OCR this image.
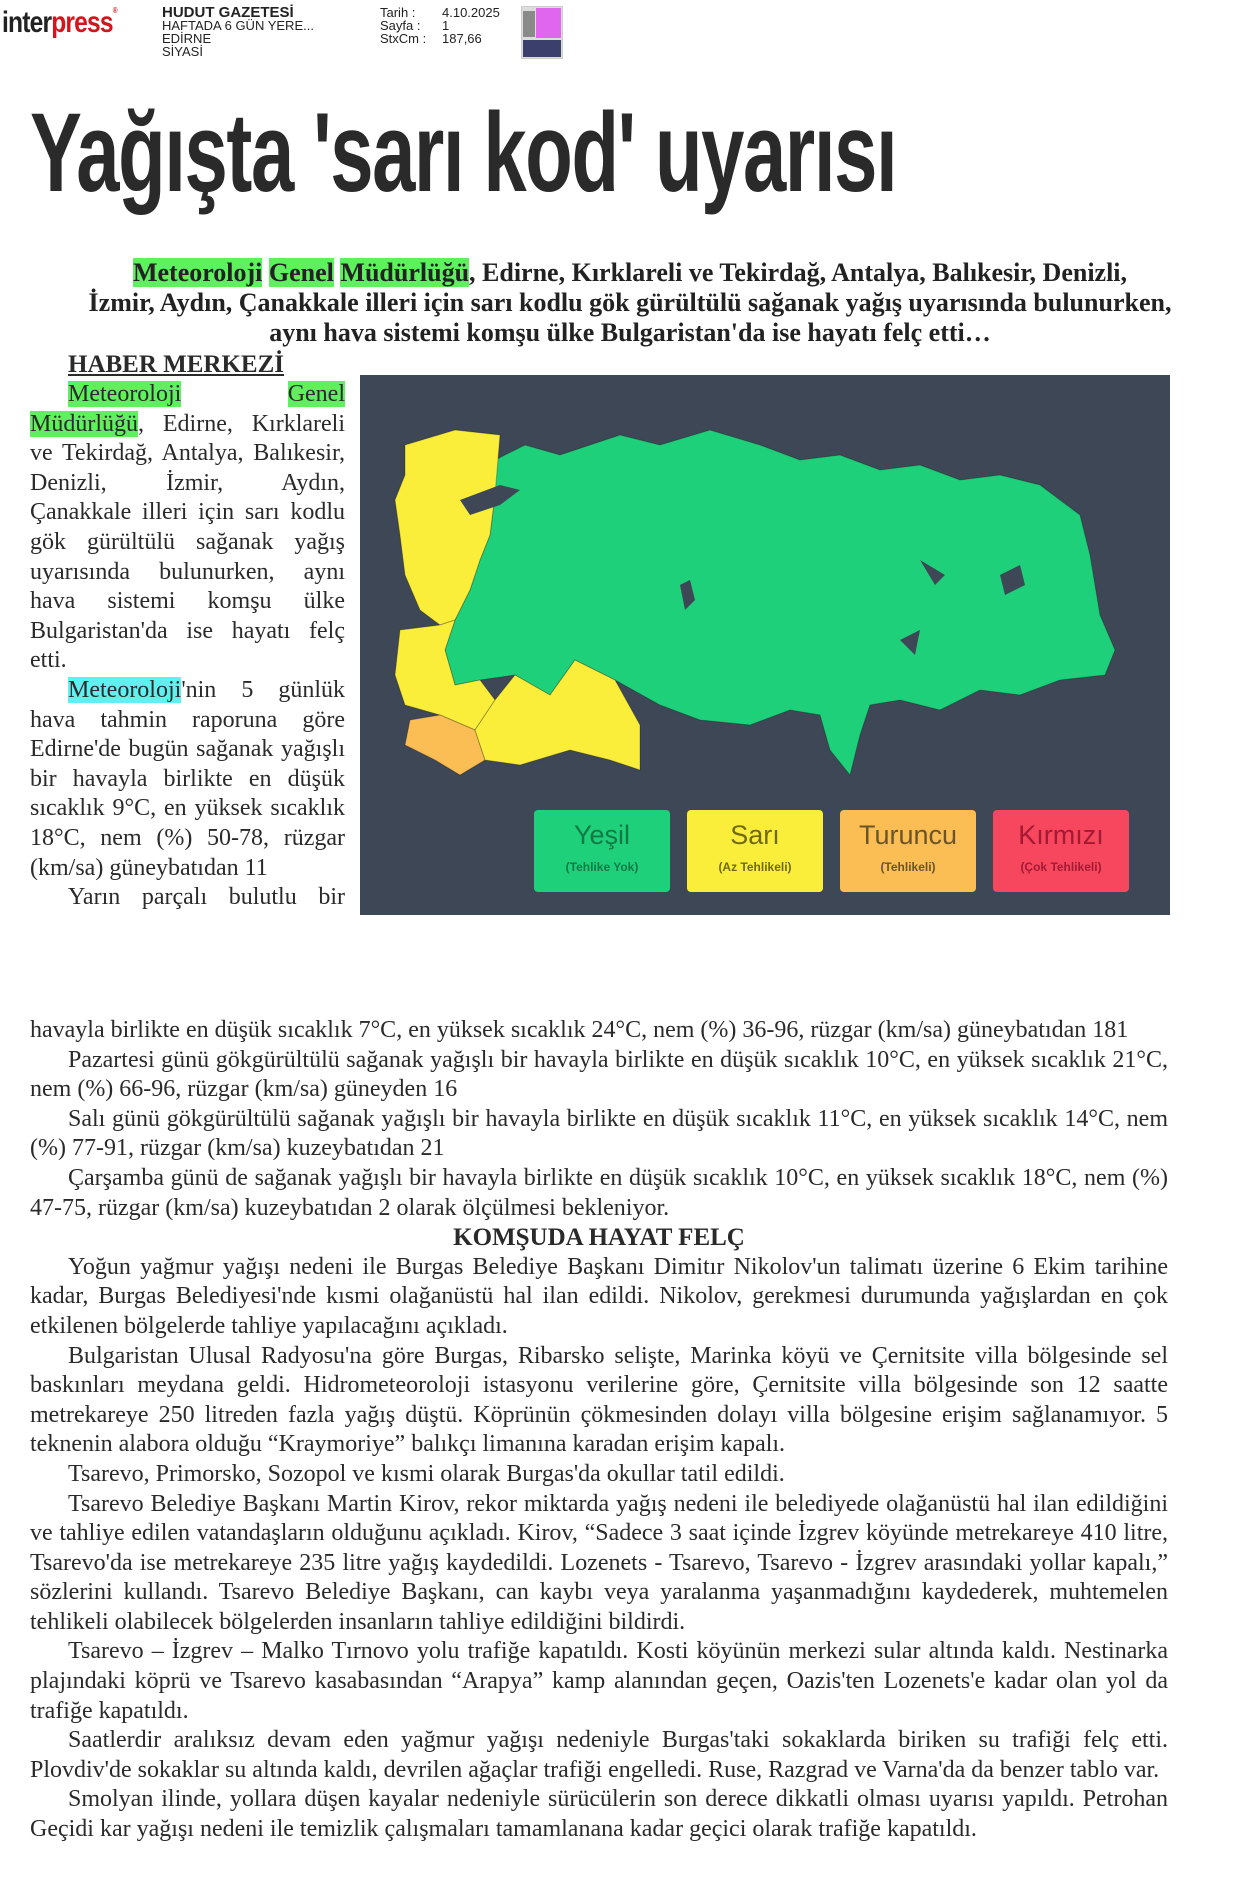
interpress®	HUDUT GAZETESİ
HAFTADA 6 GÜN YERE...
EDİRNE
SİYASİ
Tarih :	4.10.2025
Sayfa :	1
StxCm :	187,66
Yağışta 'sarı kod' uyarısı

Meteoroloji Genel Müdürlüğü, Edirne, Kırklareli ve Tekirdağ, Antalya, Balıkesir, Denizli,

İzmir, Aydın, Çanakkale illeri için sarı kodlu gök gürültülü sağanak yağış uyarısında bulunurken,

aynı hava sistemi komşu ülke Bulgaristan'da ise hayatı felç etti…

HABER MERKEZİ

Meteoroloji	Genel Müdürlüğü, Edirne, Kırklareli ve Tekirdağ, Antalya, Balıkesir, Denizli, İzmir, Aydın, Çanakkale illeri için sarı kodlu gök gürültülü sağanak yağış uyarısında bulunurken, aynı hava sistemi komşu ülke Bulgaristan'da ise hayatı felç etti.

Meteoroloji'nin 5 günlük hava tahmin raporuna göre Edirne'de bugün sağanak yağışlı bir havayla birlikte en düşük sıcaklık 9°C, en yüksek sıcaklık 18°C, nem (%) 50-78, rüzgar (km/sa) güneybatıdan 11

Yarın parçalı bulutlu bir

Yeşil
(Tehlike Yok)
Sarı
(Az Tehlikeli)
Turuncu
(Tehlikeli)
Kırmızı
(Çok Tehlikeli)

havayla birlikte en düşük sıcaklık 7°C, en yüksek sıcaklık 24°C, nem (%) 36-96, rüzgar (km/sa) güneybatıdan 181

Pazartesi günü gökgürültülü sağanak yağışlı bir havayla birlikte en düşük sıcaklık 10°C, en yüksek sıcaklık 21°C, nem (%) 66-96, rüzgar (km/sa) güneyden 16

Salı günü gökgürültülü sağanak yağışlı bir havayla birlikte en düşük sıcaklık 11°C, en yüksek sıcaklık 14°C, nem (%) 77-91, rüzgar (km/sa) kuzeybatıdan 21

Çarşamba günü de sağanak yağışlı bir havayla birlikte en düşük sıcaklık 10°C, en yüksek sıcaklık 18°C, nem (%) 47-75, rüzgar (km/sa) kuzeybatıdan 2 olarak ölçülmesi bekleniyor.

KOMŞUDA HAYAT FELÇ

Yoğun yağmur yağışı nedeni ile Burgas Belediye Başkanı Dimitır Nikolov'un talimatı üzerine 6 Ekim tarihine kadar, Burgas Belediyesi'nde kısmi olağanüstü hal ilan edildi. Nikolov, gerekmesi durumunda yağışlardan en çok etkilenen bölgelerde tahliye yapılacağını açıkladı.

Bulgaristan Ulusal Radyosu'na göre Burgas, Ribarsko selişte, Marinka köyü ve Çernitsite villa bölgesinde sel baskınları meydana geldi. Hidrometeoroloji istasyonu verilerine göre, Çernitsite villa bölgesinde son 12 saatte metrekareye 250 litreden fazla yağış düştü. Köprünün çökmesinden dolayı villa bölgesine erişim sağlanamıyor. 5 teknenin alabora olduğu “Kraymoriye” balıkçı limanına karadan erişim kapalı.

Tsarevo, Primorsko, Sozopol ve kısmi olarak Burgas'da okullar tatil edildi.

Tsarevo Belediye Başkanı Martin Kirov, rekor miktarda yağış nedeni ile belediyede olağanüstü hal ilan edildiğini ve tahliye edilen vatandaşların olduğunu açıkladı. Kirov, “Sadece 3 saat içinde İzgrev köyünde metrekareye 410 litre, Tsarevo'da ise metrekareye 235 litre yağış kaydedildi. Lozenets - Tsarevo, Tsarevo - İzgrev arasındaki yollar kapalı,” sözlerini kullandı. Tsarevo Belediye Başkanı, can kaybı veya yaralanma yaşanmadığını kaydederek, muhtemelen tehlikeli olabilecek bölgelerden insanların tahliye edildiğini bildirdi.

Tsarevo – İzgrev – Malko Tırnovo yolu trafiğe kapatıldı. Kosti köyünün merkezi sular altında kaldı. Nestinarka plajındaki köprü ve Tsarevo kasabasından “Arapya” kamp alanından geçen, Oazis'ten Lozenets'e kadar olan yol da trafiğe kapatıldı.

Saatlerdir aralıksız devam eden yağmur yağışı nedeniyle Burgas'taki sokaklarda biriken su trafiği felç etti. Plovdiv'de sokaklar su altında kaldı, devrilen ağaçlar trafiği engelledi. Ruse, Razgrad ve Varna'da da benzer tablo var.

Smolyan ilinde, yollara düşen kayalar nedeniyle sürücülerin son derece dikkatli olması uyarısı yapıldı. Petrohan Geçidi kar yağışı nedeni ile temizlik çalışmaları tamamlanana kadar geçici olarak trafiğe kapatıldı.
